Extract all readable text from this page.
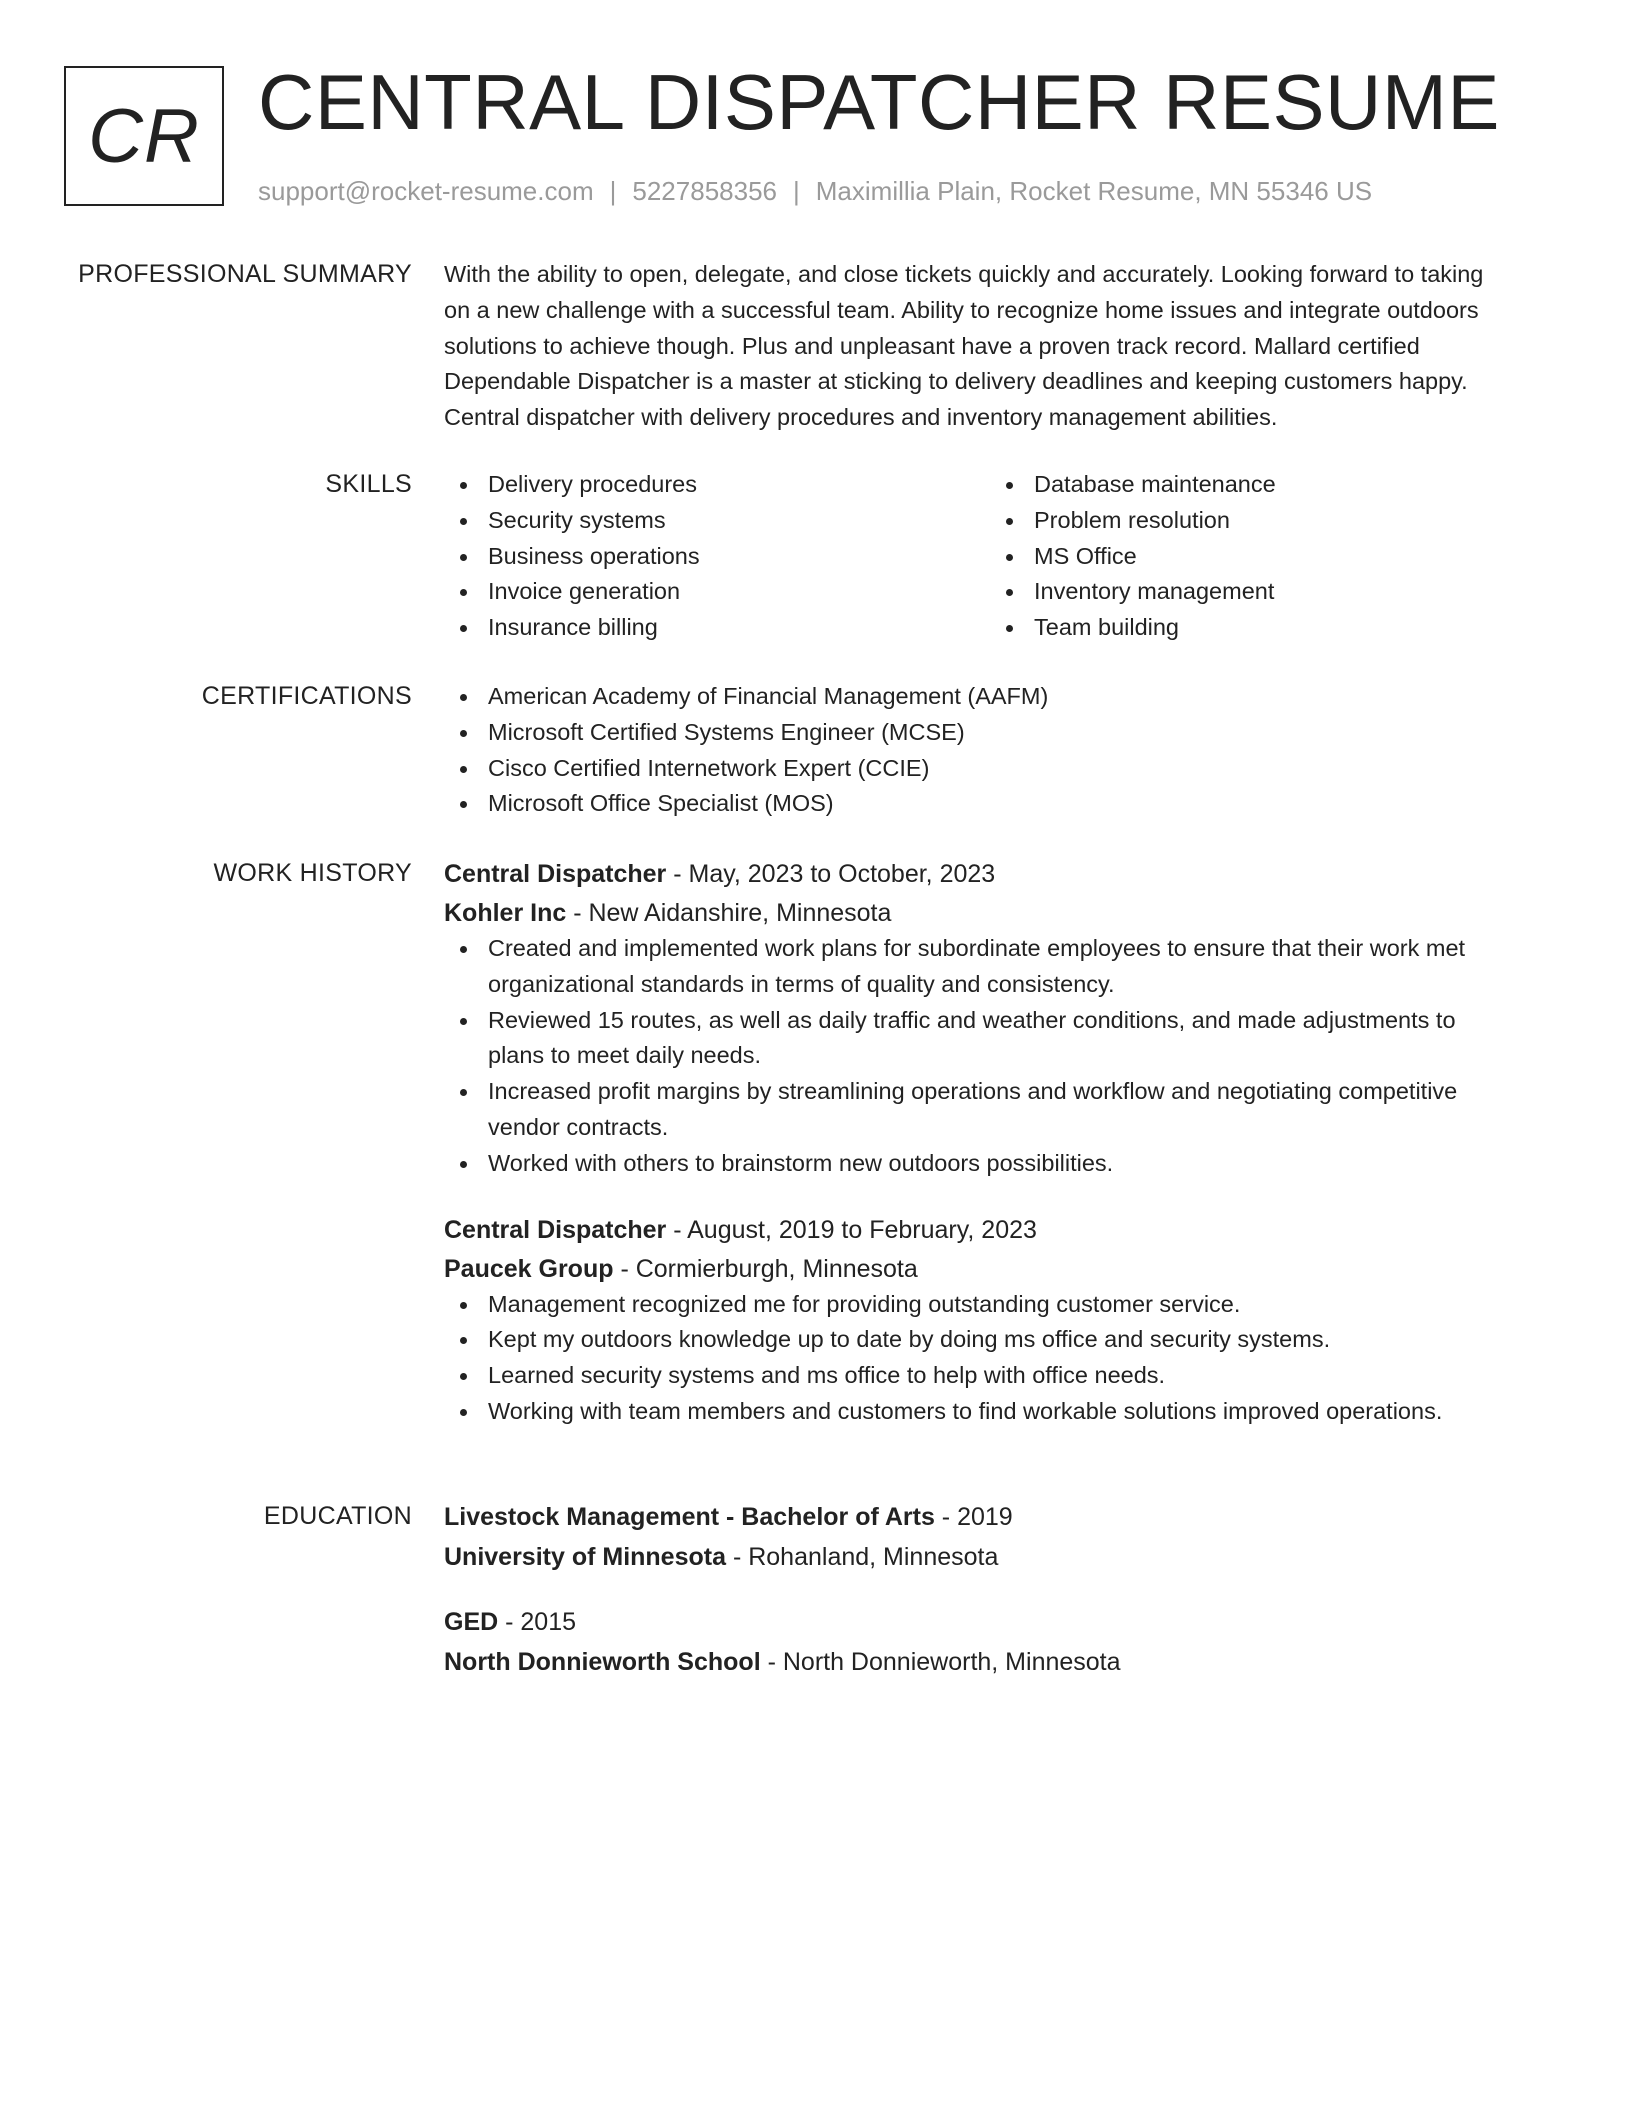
CR CENTRAL DISPATCHER RESUME
support@rocket-resume.com | 5227858356 | Maximillia Plain, Rocket Resume, MN 55346 US
PROFESSIONAL SUMMARY With the ability to open, delegate, and close tickets quickly and accurately. Looking forward to taking
on a new challenge with a successful team. Ability to recognize home issues and integrate outdoors
solutions to achieve though. Plus and unpleasant have a proven track record. Mallard certified
Dependable Dispatcher is a master at sticking to delivery deadlines and keeping customers happy.
Central dispatcher with delivery procedures and inventory management abilities.
SKILLS	Delivery procedures
Security systems
Business operations
Invoice generation
Insurance billing
Database maintenance
Problem resolution
MS Office
Inventory management
Team building
CERTIFICATIONS	American Academy of Financial Management (AAFM)
Microsoft Certified Systems Engineer (MCSE)
Cisco Certified Internetwork Expert (CCIE)
Microsoft Office Specialist (MOS)
WORK HISTORY Central Dispatcher - May, 2023 to October, 2023
Kohler Inc - New Aidanshire, Minnesota
Created and implemented work plans for subordinate employees to ensure that their work met
organizational standards in terms of quality and consistency.
Reviewed 15 routes, as well as daily traffic and weather conditions, and made adjustments to
plans to meet daily needs.
Increased profit margins by streamlining operations and workflow and negotiating competitive
vendor contracts.
Worked with others to brainstorm new outdoors possibilities.
Central Dispatcher - August, 2019 to February, 2023
Paucek Group - Cormierburgh, Minnesota
Management recognized me for providing outstanding customer service.
Kept my outdoors knowledge up to date by doing ms office and security systems.
Learned security systems and ms office to help with office needs.
Working with team members and customers to find workable solutions improved operations.
EDUCATION Livestock Management - Bachelor of Arts - 2019
University of Minnesota - Rohanland, Minnesota
GED - 2015
North Donnieworth School - North Donnieworth, Minnesota
